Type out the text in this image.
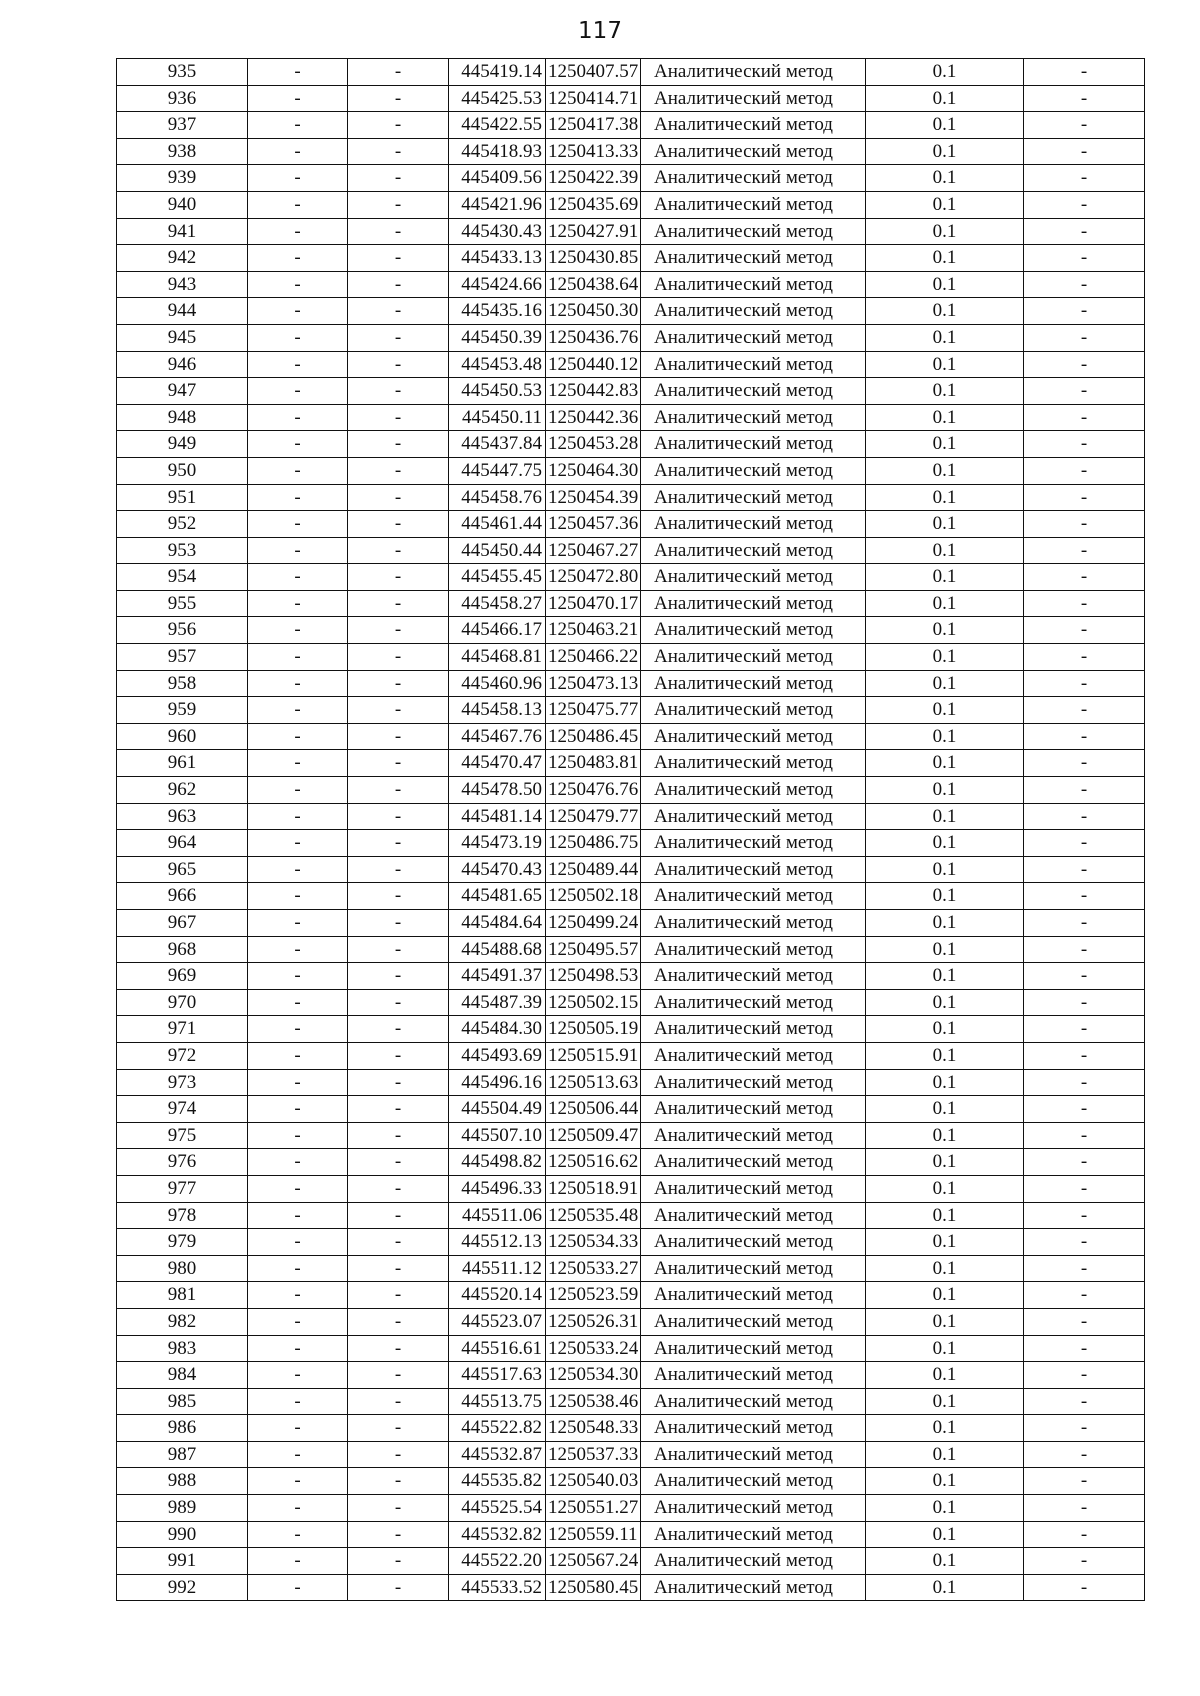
117
935	-	-	445419.14	1250407.57	Аналитический метод	0.1	-
936	-	-	445425.53	1250414.71	Аналитический метод	0.1	-
937	-	-	445422.55	1250417.38	Аналитический метод	0.1	-
938	-	-	445418.93	1250413.33	Аналитический метод	0.1	-
939	-	-	445409.56	1250422.39	Аналитический метод	0.1	-
940	-	-	445421.96	1250435.69	Аналитический метод	0.1	-
941	-	-	445430.43	1250427.91	Аналитический метод	0.1	-
942	-	-	445433.13	1250430.85	Аналитический метод	0.1	-
943	-	-	445424.66	1250438.64	Аналитический метод	0.1	-
944	-	-	445435.16	1250450.30	Аналитический метод	0.1	-
945	-	-	445450.39	1250436.76	Аналитический метод	0.1	-
946	-	-	445453.48	1250440.12	Аналитический метод	0.1	-
947	-	-	445450.53	1250442.83	Аналитический метод	0.1	-
948	-	-	445450.11	1250442.36	Аналитический метод	0.1	-
949	-	-	445437.84	1250453.28	Аналитический метод	0.1	-
950	-	-	445447.75	1250464.30	Аналитический метод	0.1	-
951	-	-	445458.76	1250454.39	Аналитический метод	0.1	-
952	-	-	445461.44	1250457.36	Аналитический метод	0.1	-
953	-	-	445450.44	1250467.27	Аналитический метод	0.1	-
954	-	-	445455.45	1250472.80	Аналитический метод	0.1	-
955	-	-	445458.27	1250470.17	Аналитический метод	0.1	-
956	-	-	445466.17	1250463.21	Аналитический метод	0.1	-
957	-	-	445468.81	1250466.22	Аналитический метод	0.1	-
958	-	-	445460.96	1250473.13	Аналитический метод	0.1	-
959	-	-	445458.13	1250475.77	Аналитический метод	0.1	-
960	-	-	445467.76	1250486.45	Аналитический метод	0.1	-
961	-	-	445470.47	1250483.81	Аналитический метод	0.1	-
962	-	-	445478.50	1250476.76	Аналитический метод	0.1	-
963	-	-	445481.14	1250479.77	Аналитический метод	0.1	-
964	-	-	445473.19	1250486.75	Аналитический метод	0.1	-
965	-	-	445470.43	1250489.44	Аналитический метод	0.1	-
966	-	-	445481.65	1250502.18	Аналитический метод	0.1	-
967	-	-	445484.64	1250499.24	Аналитический метод	0.1	-
968	-	-	445488.68	1250495.57	Аналитический метод	0.1	-
969	-	-	445491.37	1250498.53	Аналитический метод	0.1	-
970	-	-	445487.39	1250502.15	Аналитический метод	0.1	-
971	-	-	445484.30	1250505.19	Аналитический метод	0.1	-
972	-	-	445493.69	1250515.91	Аналитический метод	0.1	-
973	-	-	445496.16	1250513.63	Аналитический метод	0.1	-
974	-	-	445504.49	1250506.44	Аналитический метод	0.1	-
975	-	-	445507.10	1250509.47	Аналитический метод	0.1	-
976	-	-	445498.82	1250516.62	Аналитический метод	0.1	-
977	-	-	445496.33	1250518.91	Аналитический метод	0.1	-
978	-	-	445511.06	1250535.48	Аналитический метод	0.1	-
979	-	-	445512.13	1250534.33	Аналитический метод	0.1	-
980	-	-	445511.12	1250533.27	Аналитический метод	0.1	-
981	-	-	445520.14	1250523.59	Аналитический метод	0.1	-
982	-	-	445523.07	1250526.31	Аналитический метод	0.1	-
983	-	-	445516.61	1250533.24	Аналитический метод	0.1	-
984	-	-	445517.63	1250534.30	Аналитический метод	0.1	-
985	-	-	445513.75	1250538.46	Аналитический метод	0.1	-
986	-	-	445522.82	1250548.33	Аналитический метод	0.1	-
987	-	-	445532.87	1250537.33	Аналитический метод	0.1	-
988	-	-	445535.82	1250540.03	Аналитический метод	0.1	-
989	-	-	445525.54	1250551.27	Аналитический метод	0.1	-
990	-	-	445532.82	1250559.11	Аналитический метод	0.1	-
991	-	-	445522.20	1250567.24	Аналитический метод	0.1	-
992	-	-	445533.52	1250580.45	Аналитический метод	0.1	-
